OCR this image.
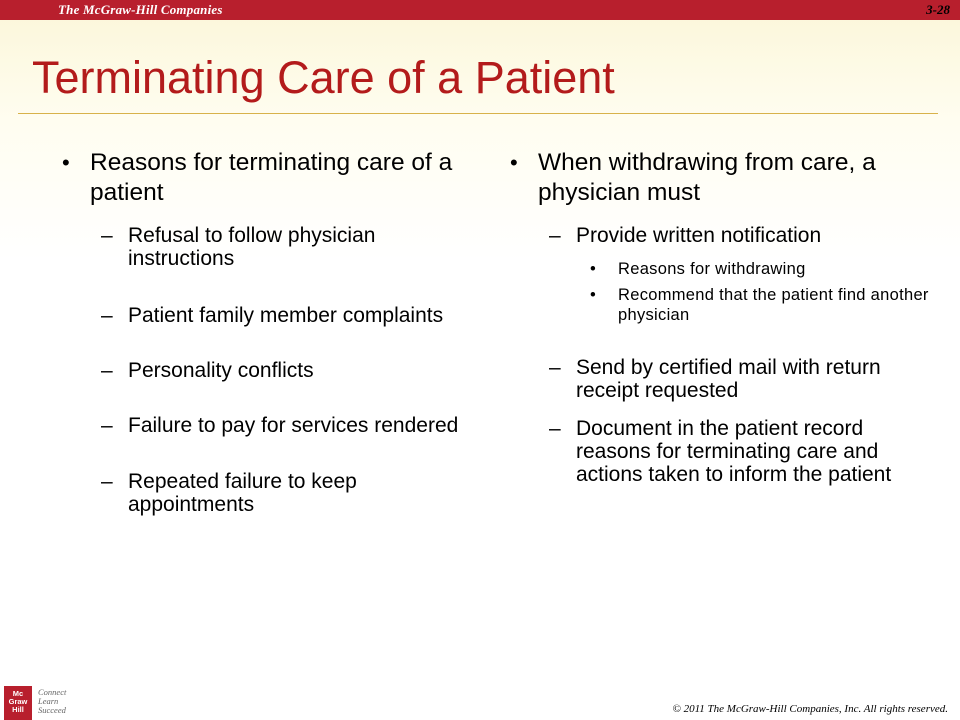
The McGraw-Hill Companies	3-28
Terminating Care of a Patient
• Reasons for terminating care of a patient
– Refusal to follow physician instructions
– Patient family member complaints
– Personality conflicts
– Failure to pay for services rendered
– Repeated failure to keep appointments
• When withdrawing from care, a physician must
– Provide written notification
• Reasons for withdrawing
• Recommend that the patient find another physician
– Send by certified mail with return receipt requested
– Document in the patient record reasons for terminating care and actions taken to inform the patient
Mc
Graw
Hill
Connect
Learn
Succeed	© 2011 The McGraw-Hill Companies, Inc. All rights reserved.
